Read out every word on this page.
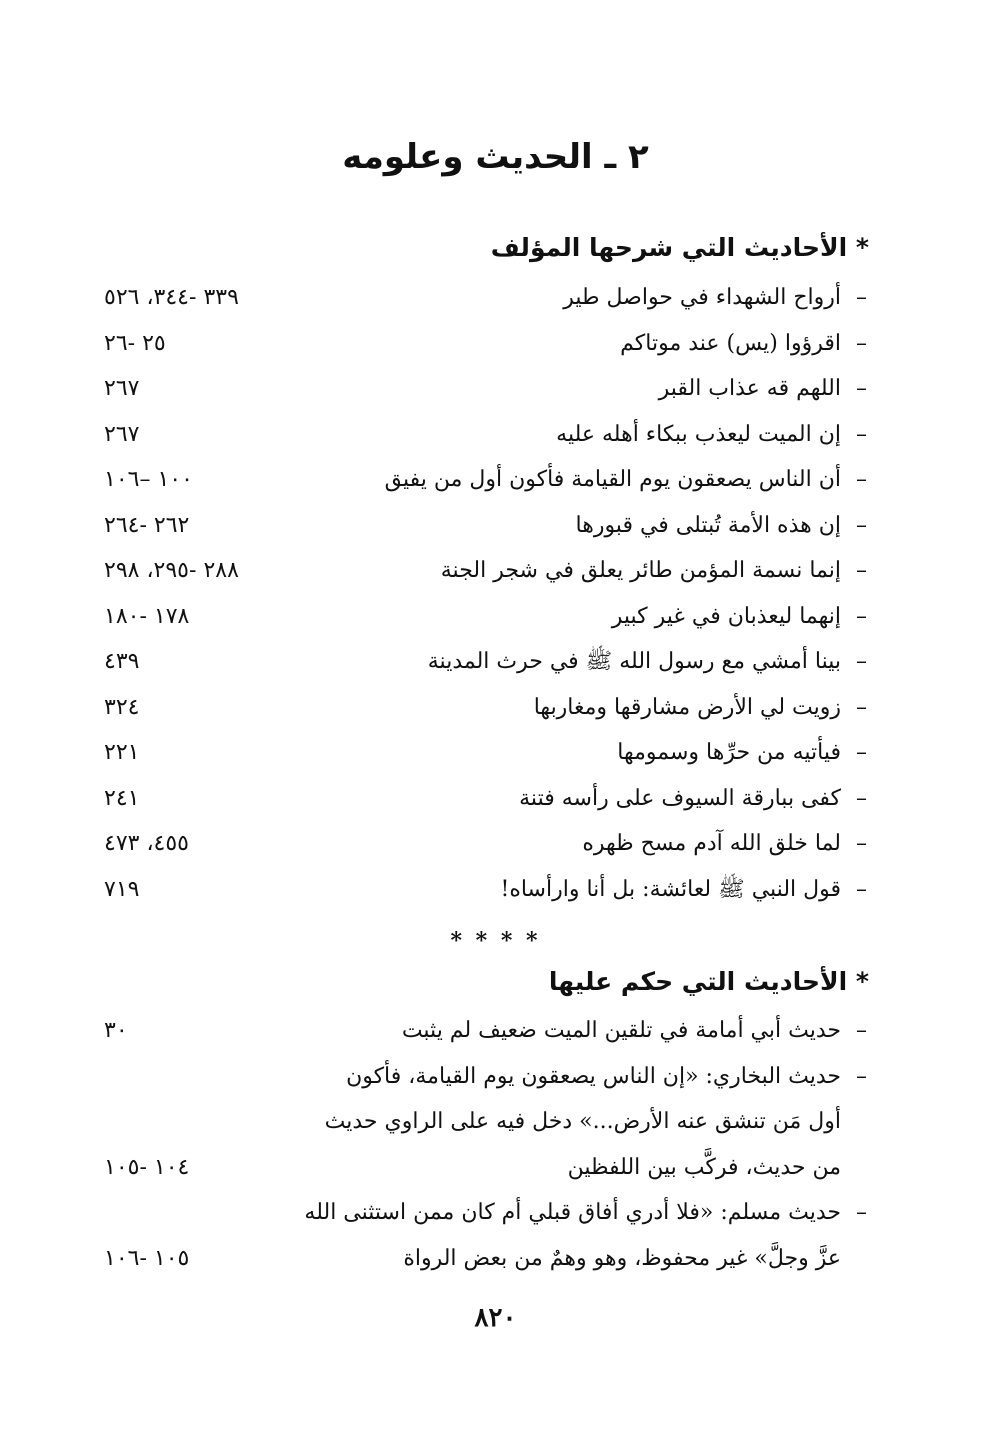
٢ ـ الحديث وعلومه
* الأحاديث التي شرحها المؤلف
–
أرواح الشهداء في حواصل طير
٣٣٩ -٣٤٤، ٥٢٦
–
اقرؤوا (يس) عند موتاكم
٢٥ -٢٦
–
اللهم قه عذاب القبر
٢٦٧
–
إن الميت ليعذب ببكاء أهله عليه
٢٦٧
–
أن الناس يصعقون يوم القيامة فأكون أول من يفيق
١٠٠ –١٠٦
–
إن هذه الأمة تُبتلى في قبورها
٢٦٢ -٢٦٤
–
إنما نسمة المؤمن طائر يعلق في شجر الجنة
٢٨٨ -٢٩٥، ٢٩٨
–
إنهما ليعذبان في غير كبير
١٧٨ -١٨٠
–
بينا أمشي مع رسول الله ﷺ في حرث المدينة
٤٣٩
–
زويت لي الأرض مشارقها ومغاربها
٣٢٤
–
فيأتيه من حرِّها وسمومها
٢٢١
–
كفى ببارقة السيوف على رأسه فتنة
٢٤١
–
لما خلق الله آدم مسح ظهره
٤٥٥، ٤٧٣
–
قول النبي ﷺ لعائشة: بل أنا وارأساه!
٧١٩
* * * *
* الأحاديث التي حكم عليها
–
حديث أبي أمامة في تلقين الميت ضعيف لم يثبت
٣٠
–
حديث البخاري: «إن الناس يصعقون يوم القيامة، فأكون
أول مَن تنشق عنه الأرض...» دخل فيه على الراوي حديث
من حديث، فركَّب بين اللفظين
١٠٤ -١٠٥
–
حديث مسلم: «فلا أدري أفاق قبلي أم كان ممن استثنى الله
عزَّ وجلَّ» غير محفوظ، وهو وهمٌ من بعض الرواة
١٠٥ -١٠٦
٨٢٠
